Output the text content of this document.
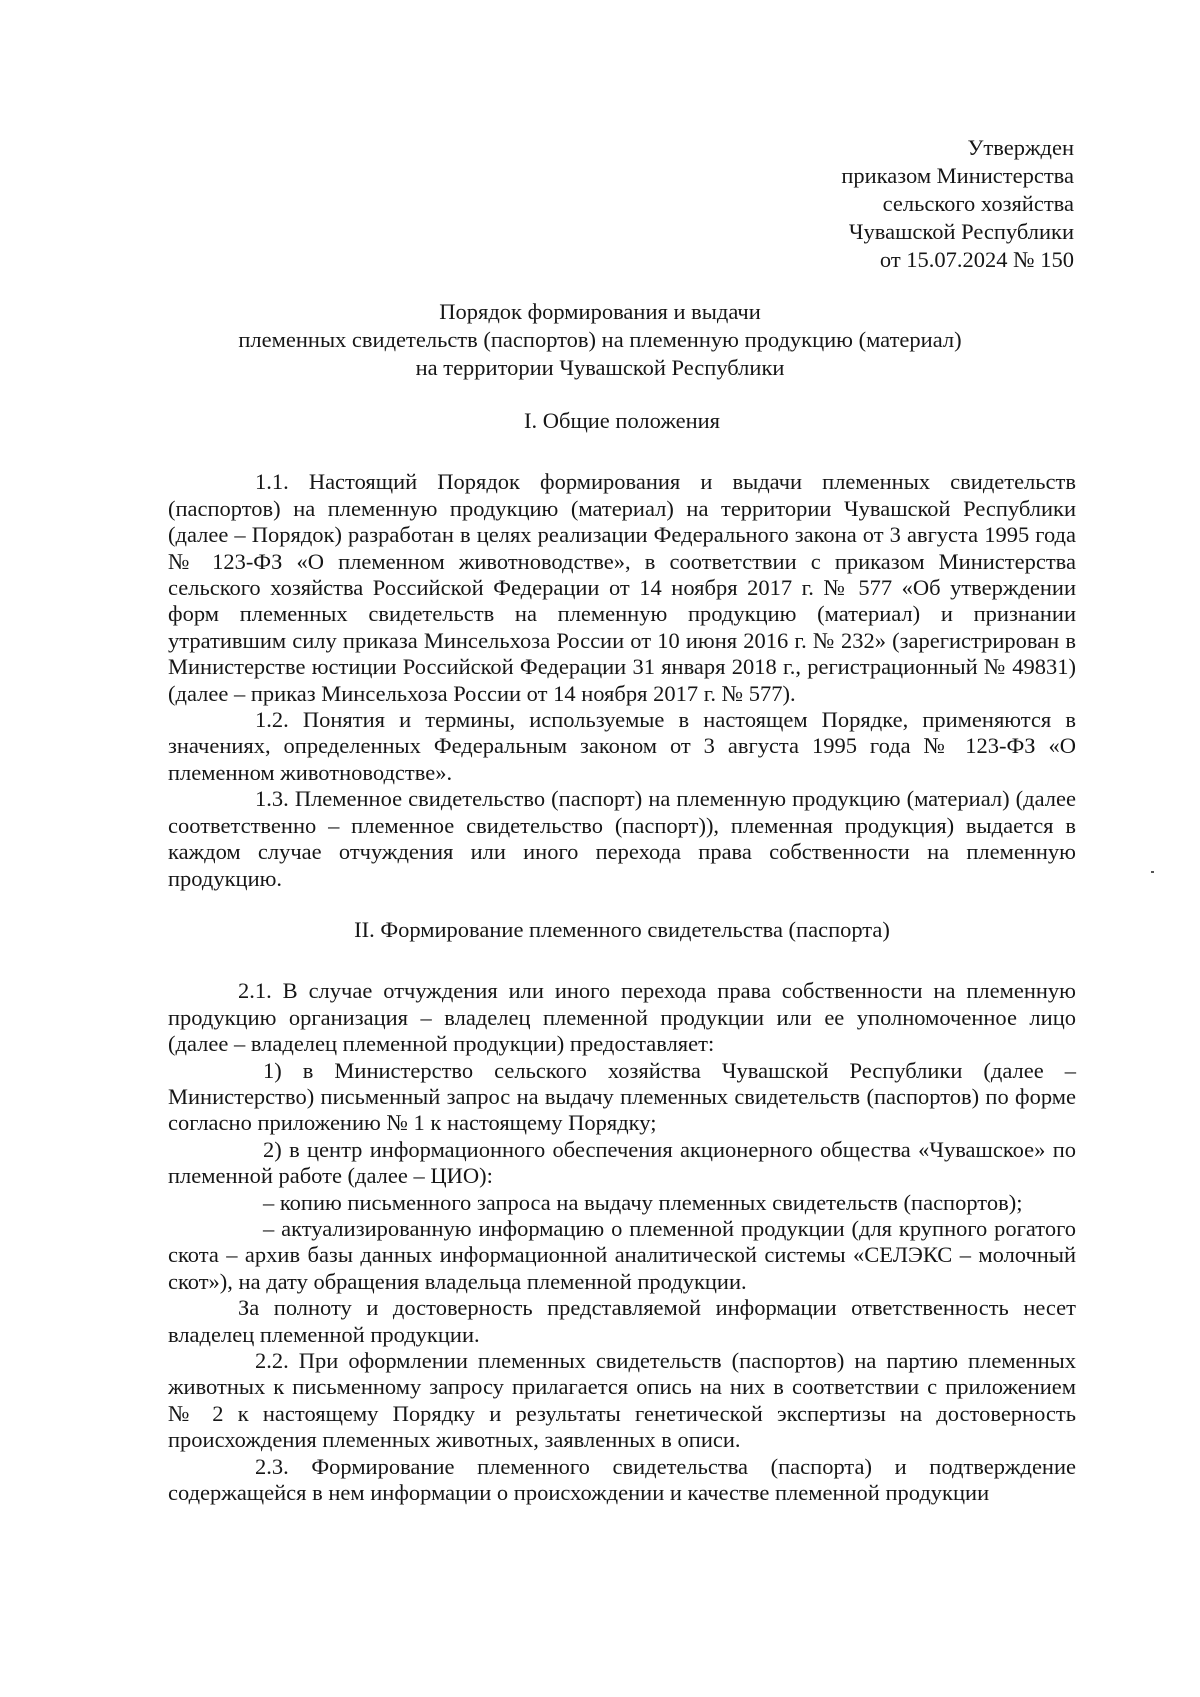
Утвержден
приказом Министерства
сельского хозяйства
Чувашской Республики
от 15.07.2024 № 150
Порядок формирования и выдачи
племенных свидетельств (паспортов) на племенную продукцию (материал)
на территории Чувашской Республики
I. Общие положения

1.1. Настоящий Порядок формирования и выдачи племенных свидетельств (паспортов) на племенную продукцию (материал) на территории Чувашской Республики (далее – Порядок) разработан в целях реализации Федерального закона от 3 августа 1995 года № 123-ФЗ «О племенном животноводстве», в соответствии с приказом Министерства сельского хозяйства Российской Федерации от 14 ноября 2017 г. № 577 «Об утверждении форм племенных свидетельств на племенную продукцию (материал) и признании утратившим силу приказа Минсельхоза России от 10 июня 2016 г. № 232» (зарегистрирован в Министерстве юстиции Российской Федерации 31 января 2018 г., регистрационный № 49831) (далее – приказ Минсельхоза России от 14 ноября 2017 г. № 577).

1.2. Понятия и термины, используемые в настоящем Порядке, применяются в значениях, определенных Федеральным законом от 3 августа 1995 года № 123-ФЗ «О племенном животноводстве».

1.3. Племенное свидетельство (паспорт) на племенную продукцию (материал) (далее соответственно – племенное свидетельство (паспорт)), племенная продукция) выдается в каждом случае отчуждения или иного перехода права собственности на племенную продукцию.

II. Формирование племенного свидетельства (паспорта)

2.1. В случае отчуждения или иного перехода права собственности на племенную продукцию организация – владелец племенной продукции или ее уполномоченное лицо (далее – владелец племенной продукции) предоставляет:

1) в Министерство сельского хозяйства Чувашской Республики (далее – Министерство) письменный запрос на выдачу племенных свидетельств (паспортов) по форме согласно приложению № 1 к настоящему Порядку;

2) в центр информационного обеспечения акционерного общества «Чувашское» по племенной работе (далее – ЦИО):

– копию письменного запроса на выдачу племенных свидетельств (паспортов);

– актуализированную информацию о племенной продукции (для крупного рогатого скота – архив базы данных информационной аналитической системы «СЕЛЭКС – молочный скот»), на дату обращения владельца племенной продукции.

За полноту и достоверность представляемой информации ответственность несет владелец племенной продукции.

2.2. При оформлении племенных свидетельств (паспортов) на партию племенных животных к письменному запросу прилагается опись на них в соответствии с приложением № 2 к настоящему Порядку и результаты генетической экспертизы на достоверность происхождения племенных животных, заявленных в описи.

2.3. Формирование племенного свидетельства (паспорта) и подтверждение содержащейся в нем информации о происхождении и качестве племенной продукции
